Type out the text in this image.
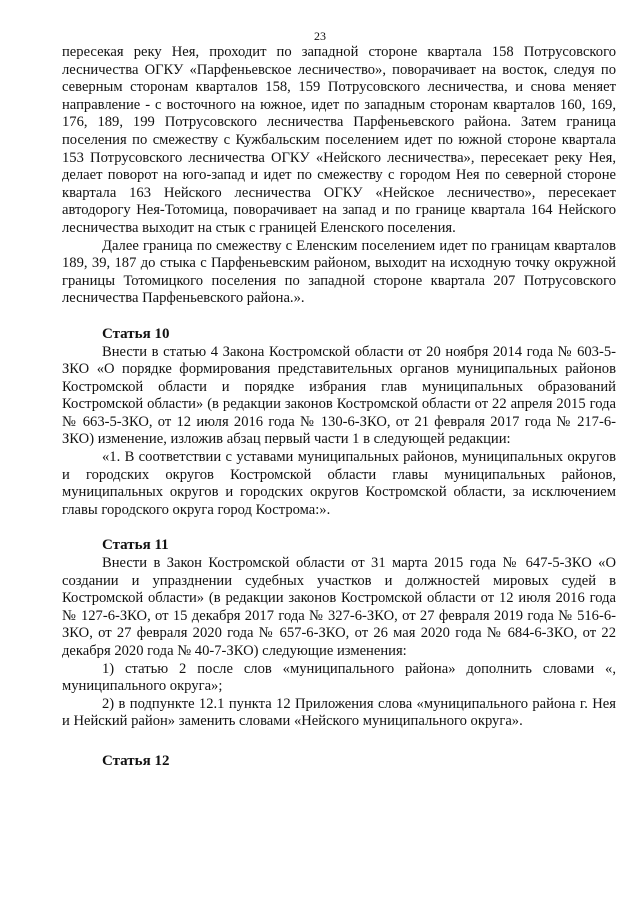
23

пересекая реку Нея, проходит по западной стороне квартала 158 Потрусовского лесничества ОГКУ «Парфеньевское лесничество», поворачивает на восток, следуя по северным сторонам кварталов 158, 159 Потрусовского лесничества, и снова меняет направление - с восточного на южное, идет по западным сторонам кварталов 160, 169, 176, 189, 199 Потрусовского лесничества Парфеньевского района. Затем граница поселения по смежеству с Кужбальским поселением идет по южной стороне квартала 153 Потрусовского лесничества ОГКУ «Нейского лесничества», пересекает реку Нея, делает поворот на юго-запад и идет по смежеству с городом Нея по северной стороне квартала 163 Нейского лесничества ОГКУ «Нейское лесничество», пересекает автодорогу Нея-Тотомица, поворачивает на запад и по границе квартала 164 Нейского лесничества выходит на стык с границей Еленского поселения.

Далее граница по смежеству с Еленским поселением идет по границам кварталов 189, 39, 187 до стыка с Парфеньевским районом, выходит на исходную точку окружной границы Тотомицкого поселения по западной стороне квартала 207 Потрусовского лесничества Парфеньевского района.».

Статья 10

Внести в статью 4 Закона Костромской области от 20 ноября 2014 года № 603-5-ЗКО «О порядке формирования представительных органов муниципальных районов Костромской области и порядке избрания глав муниципальных образований Костромской области» (в редакции законов Костромской области от 22 апреля 2015 года № 663-5-ЗКО, от 12 июля 2016 года № 130-6-ЗКО, от 21 февраля 2017 года № 217-6-ЗКО) изменение, изложив абзац первый части 1 в следующей редакции:

«1. В соответствии с уставами муниципальных районов, муниципальных округов и городских округов Костромской области главы муниципальных районов, муниципальных округов и городских округов Костромской области, за исключением главы городского округа город Кострома:».

Статья 11

Внести в Закон Костромской области от 31 марта 2015 года № 647-5-ЗКО «О создании и упразднении судебных участков и должностей мировых судей в Костромской области» (в редакции законов Костромской области от 12 июля 2016 года № 127-6-ЗКО, от 15 декабря 2017 года № 327-6-ЗКО, от 27 февраля 2019 года № 516-6-ЗКО, от 27 февраля 2020 года № 657-6-ЗКО, от 26 мая 2020 года № 684-6-ЗКО, от 22 декабря 2020 года № 40-7-ЗКО) следующие изменения:

1) статью 2 после слов «муниципального района» дополнить словами «, муниципального округа»;

2) в подпункте 12.1 пункта 12 Приложения слова «муниципального района г. Нея и Нейский район» заменить словами «Нейского муниципального округа».

Статья 12
